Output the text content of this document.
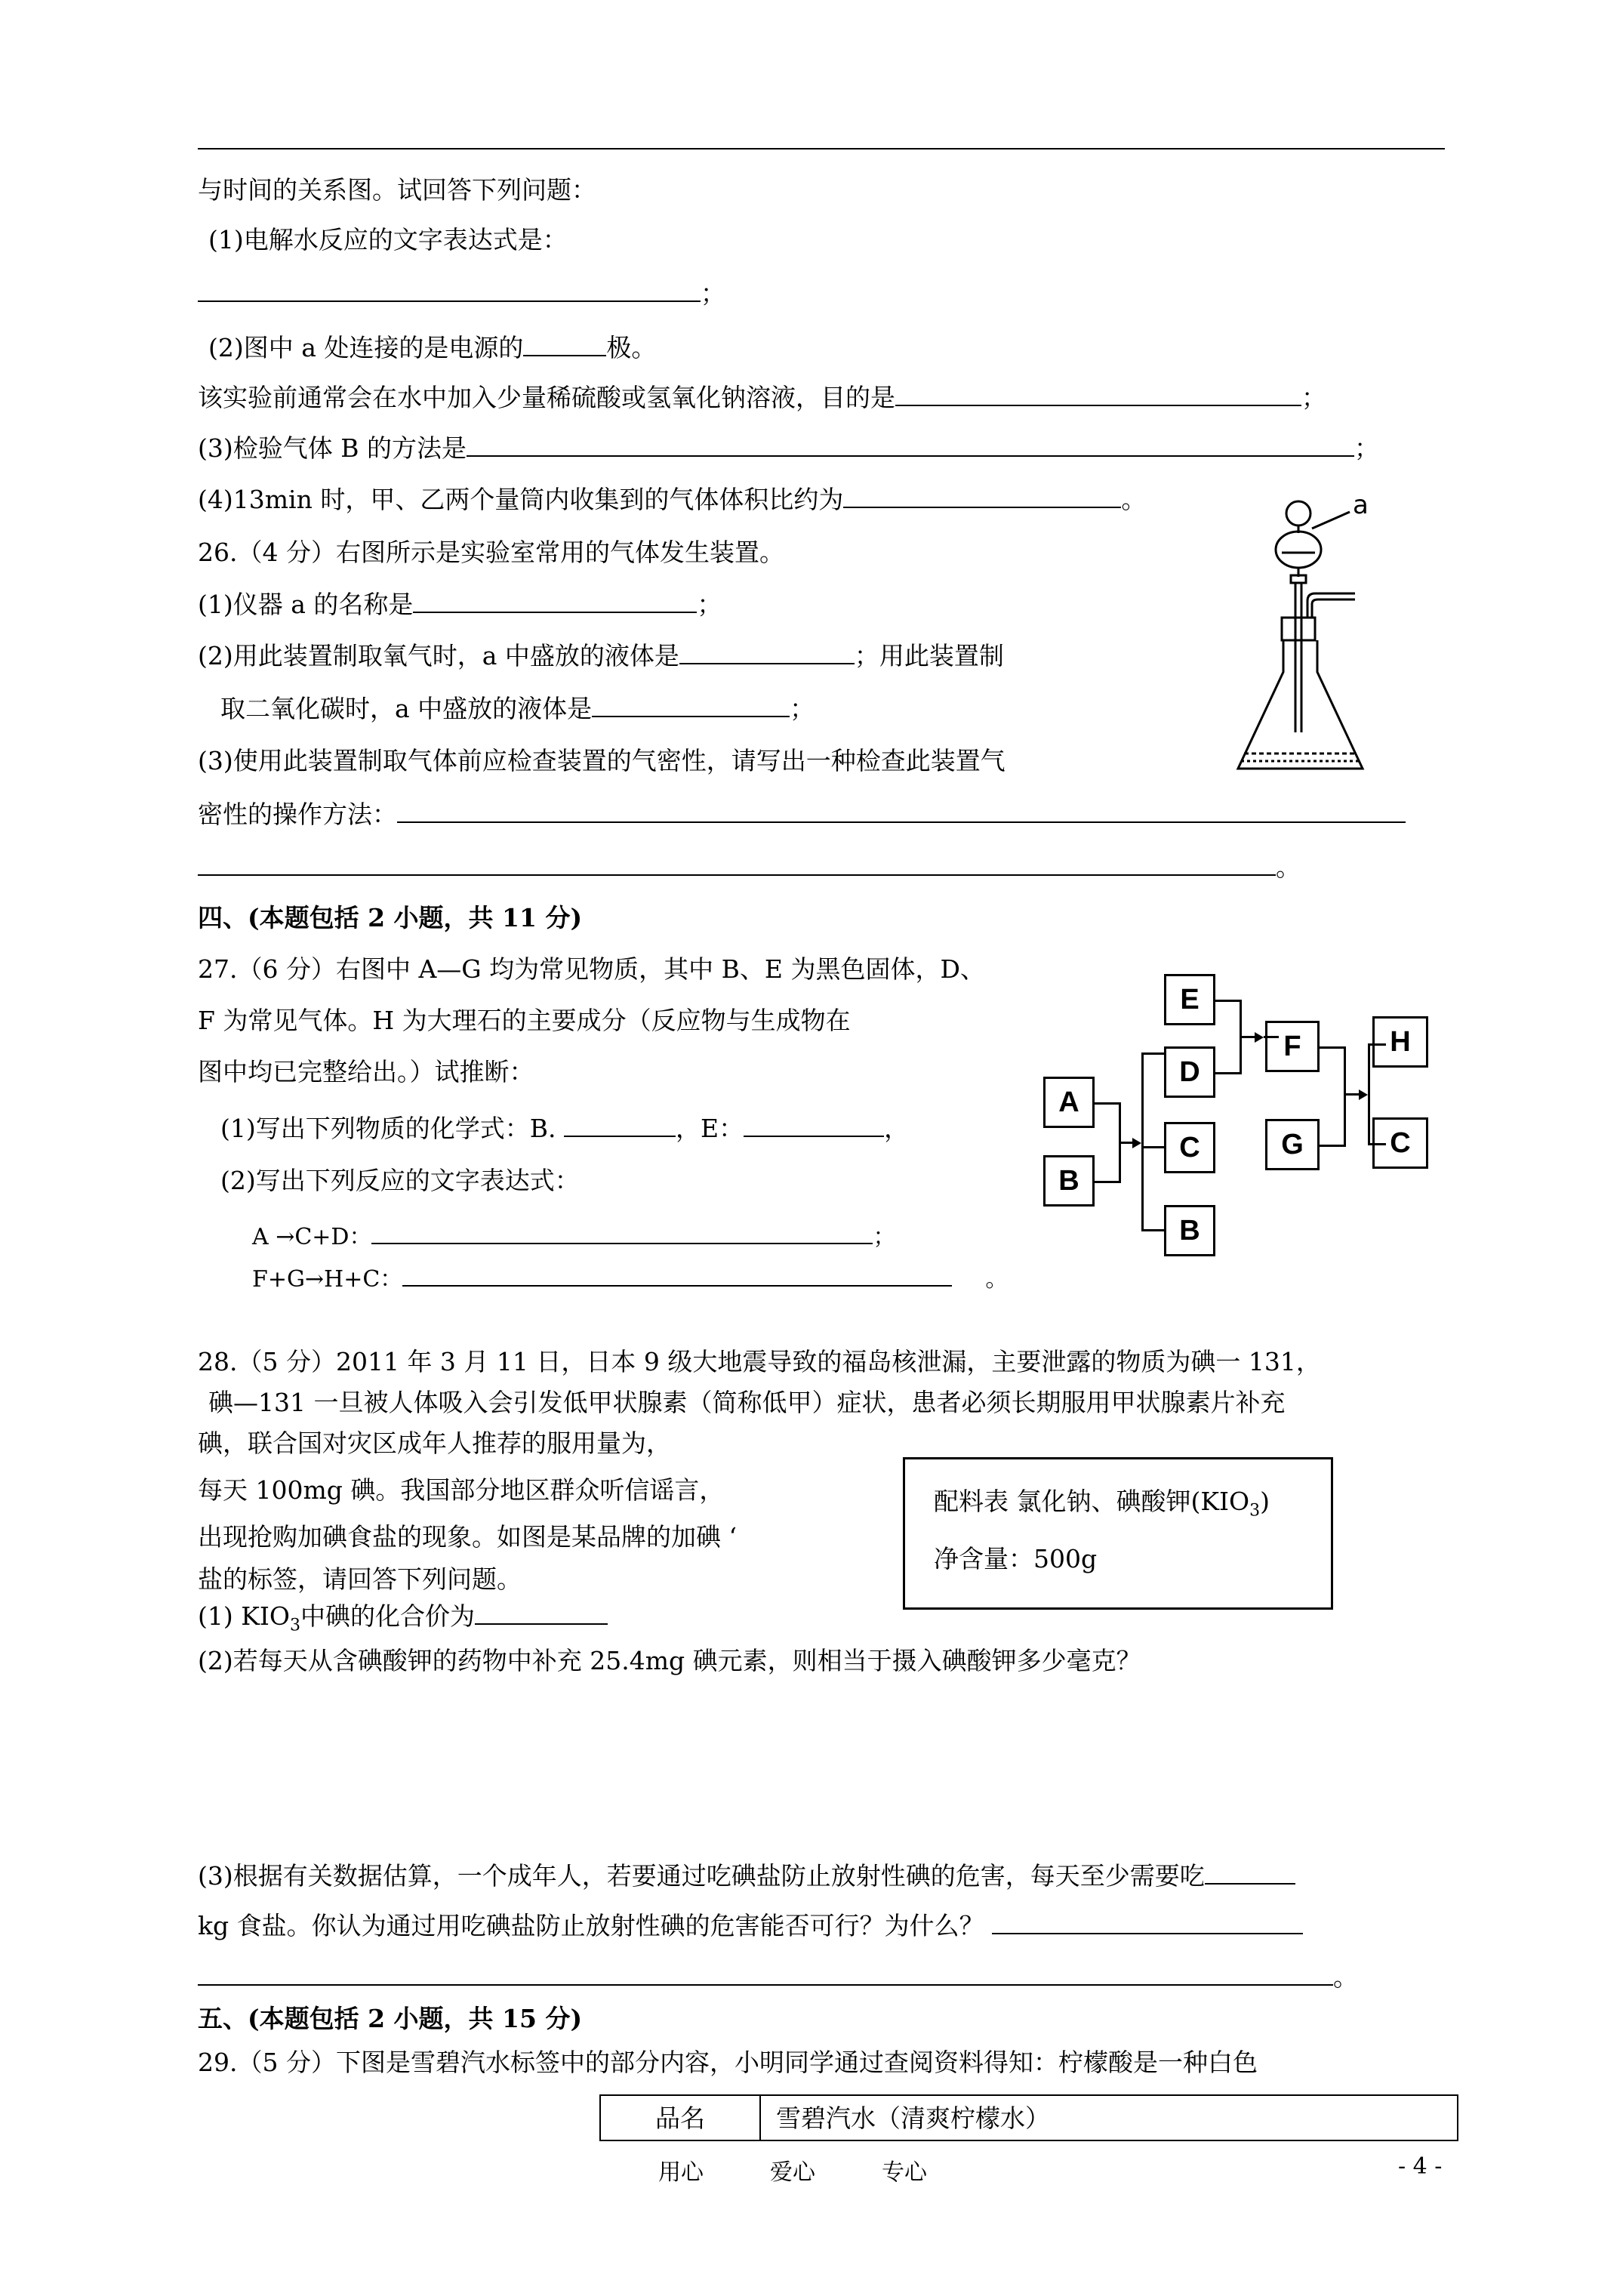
与时间的关系图。试回答下列问题：
(1)电解水反应的文字表达式是：
；
(2)图中 a 处连接的是电源的	极。
该实验前通常会在水中加入少量稀硫酸或氢氧化钠溶液，目的是	；
(3)检验气体 B 的方法是	；
(4)13min 时，甲、乙两个量筒内收集到的气体体积比约为	。
26.（4 分）右图所示是实验室常用的气体发生装置。
(1)仪器 a 的名称是	；
(2)用此装置制取氧气时，a 中盛放的液体是	；用此装置制
取二氧化碳时，a 中盛放的液体是	；
(3)使用此装置制取气体前应检查装置的气密性，请写出一种检查此装置气
密性的操作方法：
。
a
四、(本题包括 2 小题，共 11 分)
27.（6 分）右图中 A—G 均为常见物质，其中 B、E 为黑色固体，D、
F 为常见气体。H 为大理石的主要成分（反应物与生成物在
图中均已完整给出。）试推断：
(1)写出下列物质的化学式：B.	，E：	，
(2)写出下列反应的文字表达式：
A →C+D：	；
F+G→H+C：	。
A
B
E
D
C
B
F
G
H
C
28.（5 分）2011 年 3 月 11 日，日本 9 级大地震导致的福岛核泄漏，主要泄露的物质为碘一 131，
碘—131 一旦被人体吸入会引发低甲状腺素（简称低甲）症状，患者必须长期服用甲状腺素片补充
碘，联合国对灾区成年人推荐的服用量为，
每天 100mg 碘。我国部分地区群众听信谣言，
出现抢购加碘食盐的现象。如图是某品牌的加碘 ‘
盐的标签，请回答下列问题。
配料表 氯化钠、碘酸钾$(KIO_3)$
净含量：500g
(1) $KIO_3$中碘的化合价为
(2)若每天从含碘酸钾的药物中补充 25.4mg 碘元素，则相当于摄入碘酸钾多少毫克？
(3)根据有关数据估算，一个成年人，若要通过吃碘盐防止放射性碘的危害，每天至少需要吃
kg 食盐。你认为通过用吃碘盐防止放射性碘的危害能否可行？为什么？
。
五、(本题包括 2 小题，共 15 分)
29.（5 分）下图是雪碧汽水标签中的部分内容，小明同学通过查阅资料得知：柠檬酸是一种白色
品名	雪碧汽水（清爽柠檬水）
用心	爱心	专心	- 4 -
